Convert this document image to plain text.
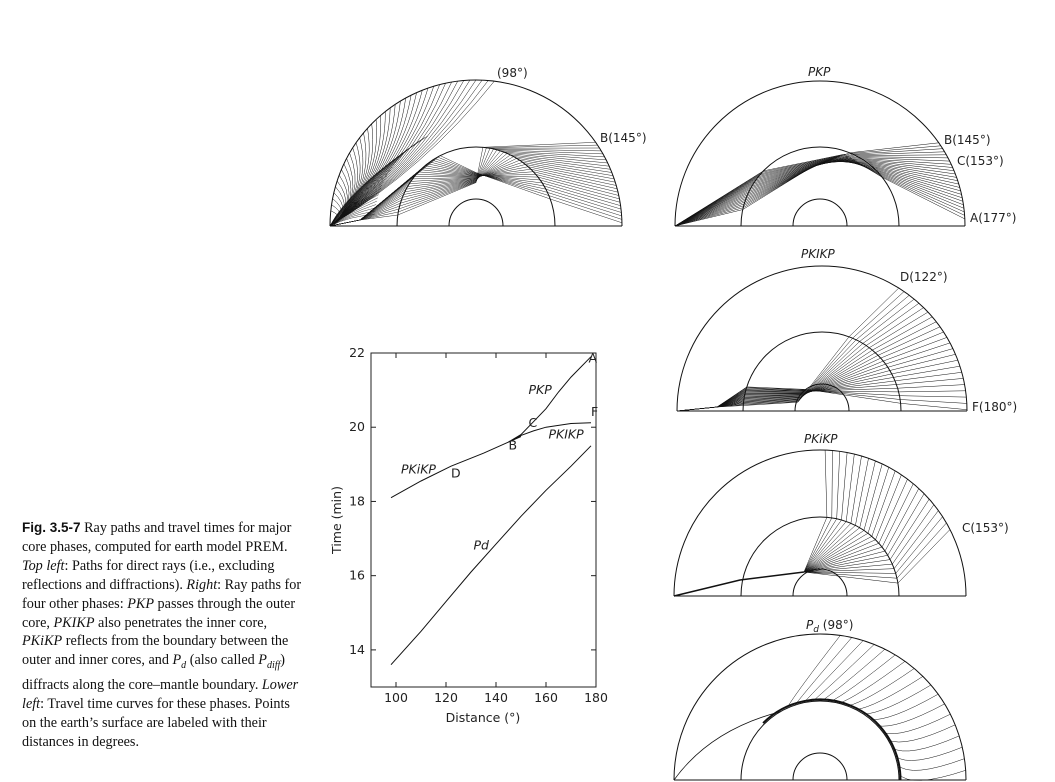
Fig. 3.5-7 Ray paths and travel times for major core phases, computed for earth model PREM. Top left: Paths for direct rays (i.e., excluding reflections and diffractions). Right: Ray paths for four other phases: PKP passes through the outer core, PKIKP also penetrates the inner core, PKiKP reflects from the boundary between the outer and inner cores, and $P_d$ (also called $P_{diff}$) diffracts along the core–mantle boundary. Lower left: Travel time curves for these phases. Points on the earth’s surface are labeled with their distances in degrees.
(98°)
B(145°)
PKP
B(145°)
C(153°)
A(177°)
PKIKP
D(122°)
F(180°)
PKiKP
C(153°)
$P_d$ (98°)
100 120 140 160 180
14
16
18
20
22	A
B
C
D
F
PKP
PKIKP
PKiKP
Pd
Distance (°)
Time (min)
